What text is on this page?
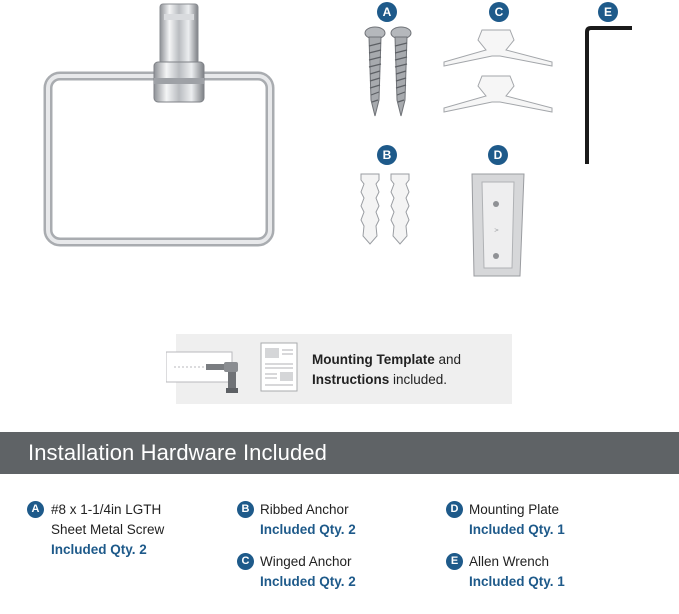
A
B
C
D
>
E
Mounting Template and
Instructions included.
Installation Hardware Included
A #8 x 1-1/4in LGTH
Sheet Metal Screw
Included Qty. 2
B Ribbed Anchor
Included Qty. 2
C Winged Anchor
Included Qty. 2
D Mounting Plate
Included Qty. 1
E Allen Wrench
Included Qty. 1
